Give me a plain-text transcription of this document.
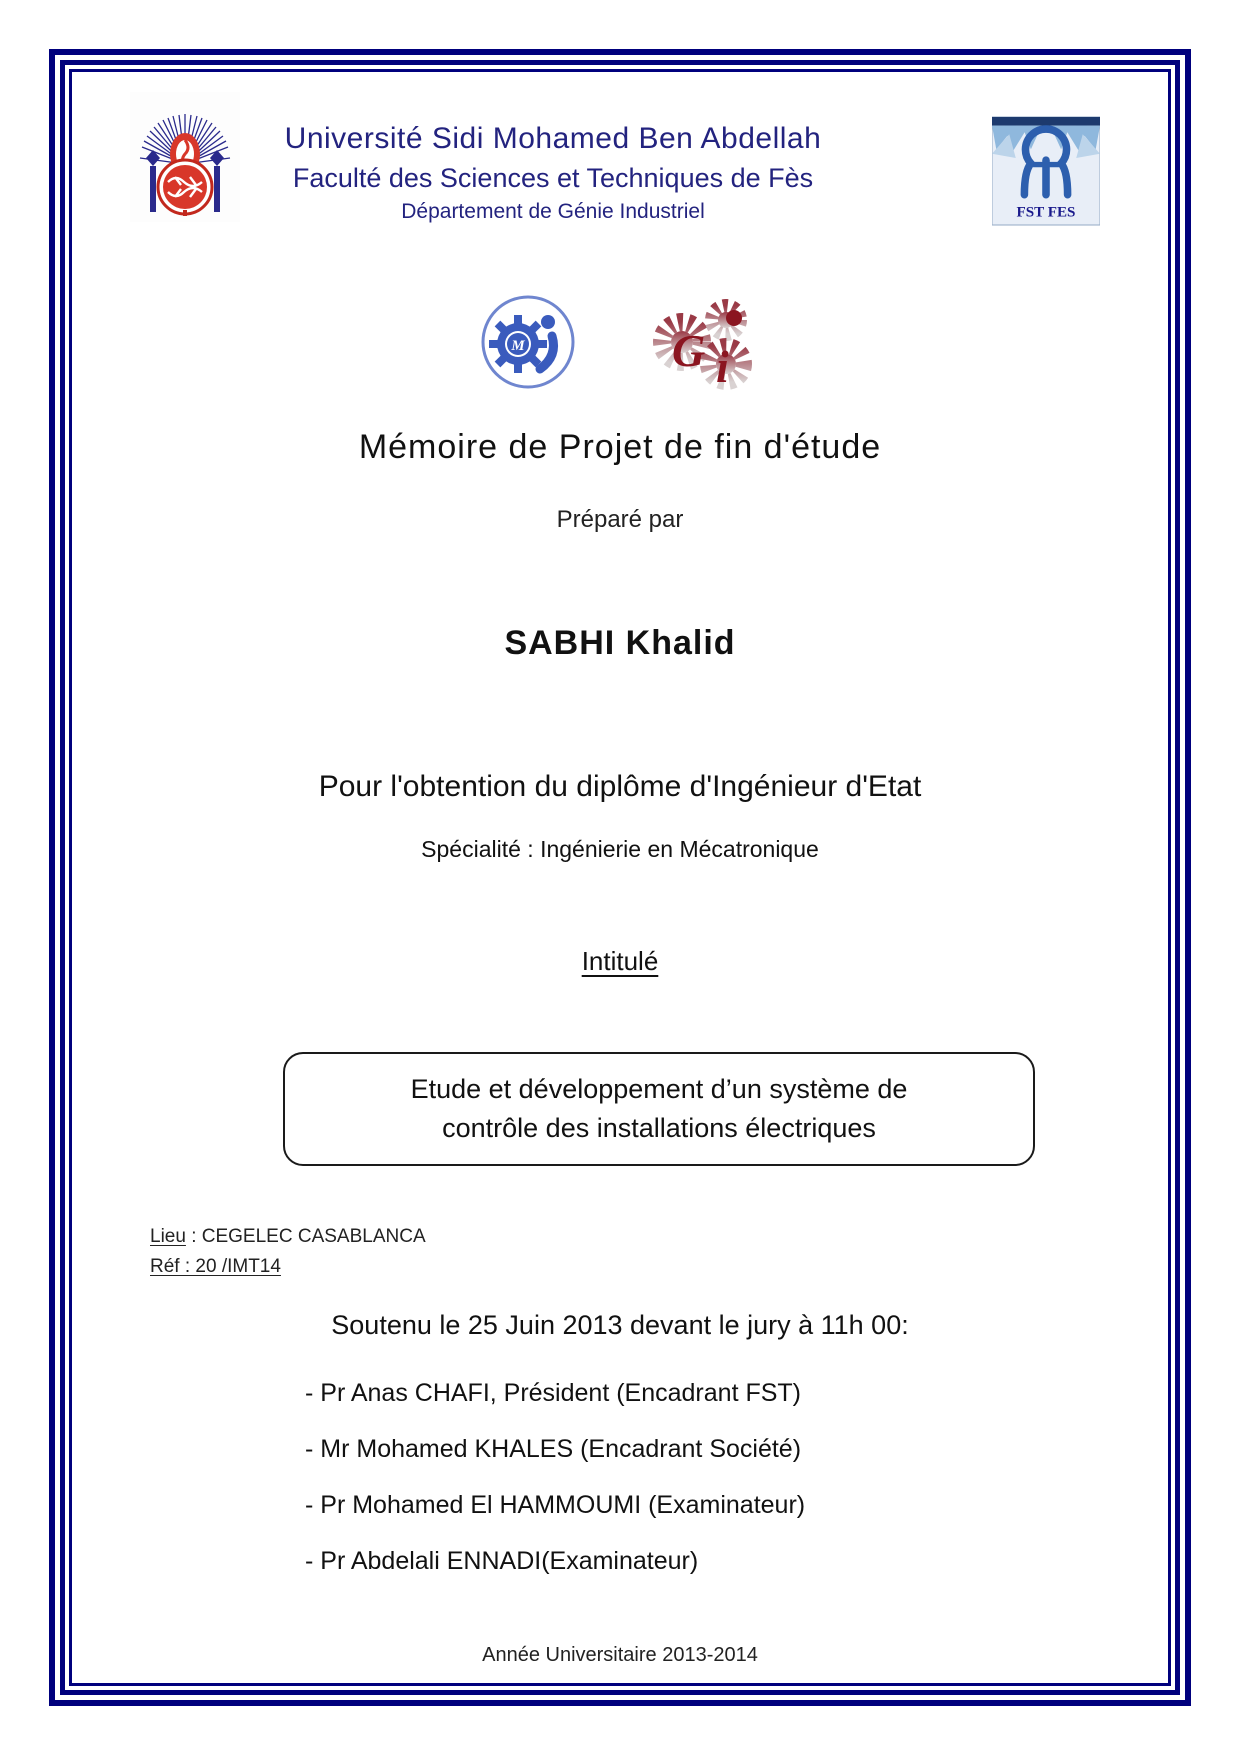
FST FES
Université Sidi Mohamed Ben Abdellah
Faculté des Sciences et Techniques de Fès
Département de Génie Industriel
M	G i
Mémoire de Projet de fin d'étude
Préparé par
SABHI Khalid
Pour l'obtention du diplôme d'Ingénieur d'Etat
Spécialité : Ingénierie en Mécatronique
Intitulé
Etude et développement d’un système de
contrôle des installations électriques
Lieu : CEGELEC CASABLANCA
Réf : 20 /IMT14
Soutenu le 25 Juin 2013 devant le jury à 11h 00:
- Pr Anas CHAFI, Président (Encadrant FST)
- Mr Mohamed KHALES (Encadrant Société)
- Pr Mohamed El HAMMOUMI (Examinateur)
- Pr Abdelali ENNADI(Examinateur)
Année Universitaire 2013-2014
